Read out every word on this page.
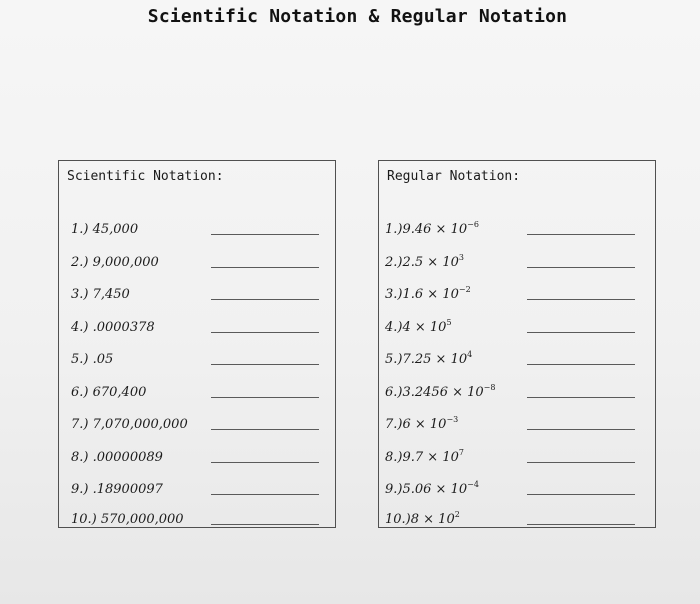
Scientific Notation & Regular Notation
Scientific Notation:
1.) 45,000
2.) 9,000,000
3.) 7,450
4.) .0000378
5.) .05
6.) 670,400
7.) 7,070,000,000
8.) .00000089
9.) .18900097
10.) 570,000,000
Regular Notation:
$1.)9.46 \times 10^{-6}$
$2.)2.5 \times 10^3$
$3.)1.6 \times 10^{-2}$
$4.)4 \times 10^5$
$5.)7.25 \times 10^4$
$6.)3.2456 \times 10^{-8}$
$7.)6 \times 10^{-3}$
$8.)9.7 \times 10^7$
$9.)5.06 \times 10^{-4}$
$10.)8 \times 10^2$
